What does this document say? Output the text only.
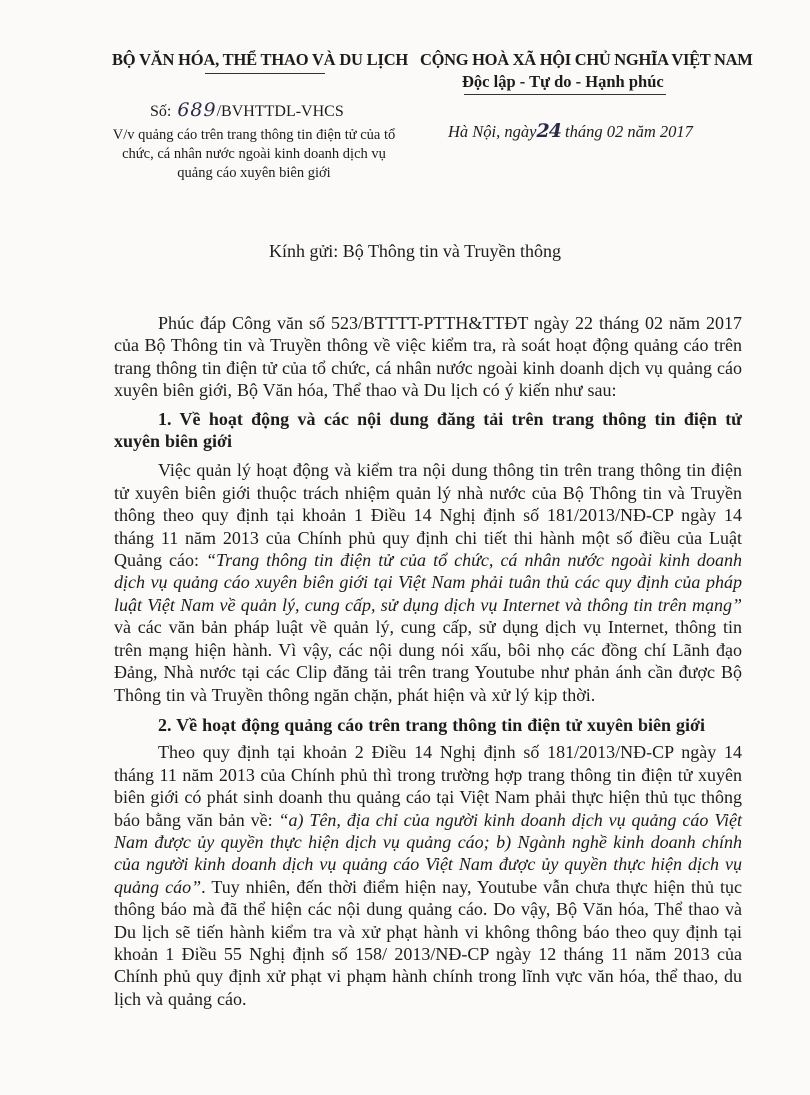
BỘ VĂN HÓA, THỂ THAO VÀ DU LỊCH CỘNG HOÀ XÃ HỘI CHỦ NGHĨA VIỆT NAM
Độc lập - Tự do - Hạnh phúc
Số: 689/BVHTTDL-VHCS
V/v quảng cáo trên trang thông tin điện tử của tổ chức, cá nhân nước ngoài kinh doanh dịch vụ quảng cáo xuyên biên giới
Hà Nội, ngày24 tháng 02 năm 2017
Kính gửi: Bộ Thông tin và Truyền thông

Phúc đáp Công văn số 523/BTTTT-PTTH&TTĐT ngày 22 tháng 02 năm 2017 của Bộ Thông tin và Truyền thông về việc kiểm tra, rà soát hoạt động quảng cáo trên trang thông tin điện tử của tổ chức, cá nhân nước ngoài kinh doanh dịch vụ quảng cáo xuyên biên giới, Bộ Văn hóa, Thể thao và Du lịch có ý kiến như sau:

1. Về hoạt động và các nội dung đăng tải trên trang thông tin điện tử xuyên biên giới

Việc quản lý hoạt động và kiểm tra nội dung thông tin trên trang thông tin điện tử xuyên biên giới thuộc trách nhiệm quản lý nhà nước của Bộ Thông tin và Truyền thông theo quy định tại khoản 1 Điều 14 Nghị định số 181/2013/NĐ-CP ngày 14 tháng 11 năm 2013 của Chính phủ quy định chi tiết thi hành một số điều của Luật Quảng cáo: “Trang thông tin điện tử của tổ chức, cá nhân nước ngoài kinh doanh dịch vụ quảng cáo xuyên biên giới tại Việt Nam phải tuân thủ các quy định của pháp luật Việt Nam về quản lý, cung cấp, sử dụng dịch vụ Internet và thông tin trên mạng” và các văn bản pháp luật về quản lý, cung cấp, sử dụng dịch vụ Internet, thông tin trên mạng hiện hành. Vì vậy, các nội dung nói xấu, bôi nhọ các đồng chí Lãnh đạo Đảng, Nhà nước tại các Clip đăng tải trên trang Youtube như phản ánh cần được Bộ Thông tin và Truyền thông ngăn chặn, phát hiện và xử lý kịp thời.

2. Về hoạt động quảng cáo trên trang thông tin điện tử xuyên biên giới

Theo quy định tại khoản 2 Điều 14 Nghị định số 181/2013/NĐ-CP ngày 14 tháng 11 năm 2013 của Chính phủ thì trong trường hợp trang thông tin điện tử xuyên biên giới có phát sinh doanh thu quảng cáo tại Việt Nam phải thực hiện thủ tục thông báo bằng văn bản về: “a) Tên, địa chỉ của người kinh doanh dịch vụ quảng cáo Việt Nam được ủy quyền thực hiện dịch vụ quảng cáo; b) Ngành nghề kinh doanh chính của người kinh doanh dịch vụ quảng cáo Việt Nam được ủy quyền thực hiện dịch vụ quảng cáo”. Tuy nhiên, đến thời điểm hiện nay, Youtube vẫn chưa thực hiện thủ tục thông báo mà đã thể hiện các nội dung quảng cáo. Do vậy, Bộ Văn hóa, Thể thao và Du lịch sẽ tiến hành kiểm tra và xử phạt hành vi không thông báo theo quy định tại khoản 1 Điều 55 Nghị định số 158/ 2013/NĐ-CP ngày 12 tháng 11 năm 2013 của Chính phủ quy định xử phạt vi phạm hành chính trong lĩnh vực văn hóa, thể thao, du lịch và quảng cáo.
